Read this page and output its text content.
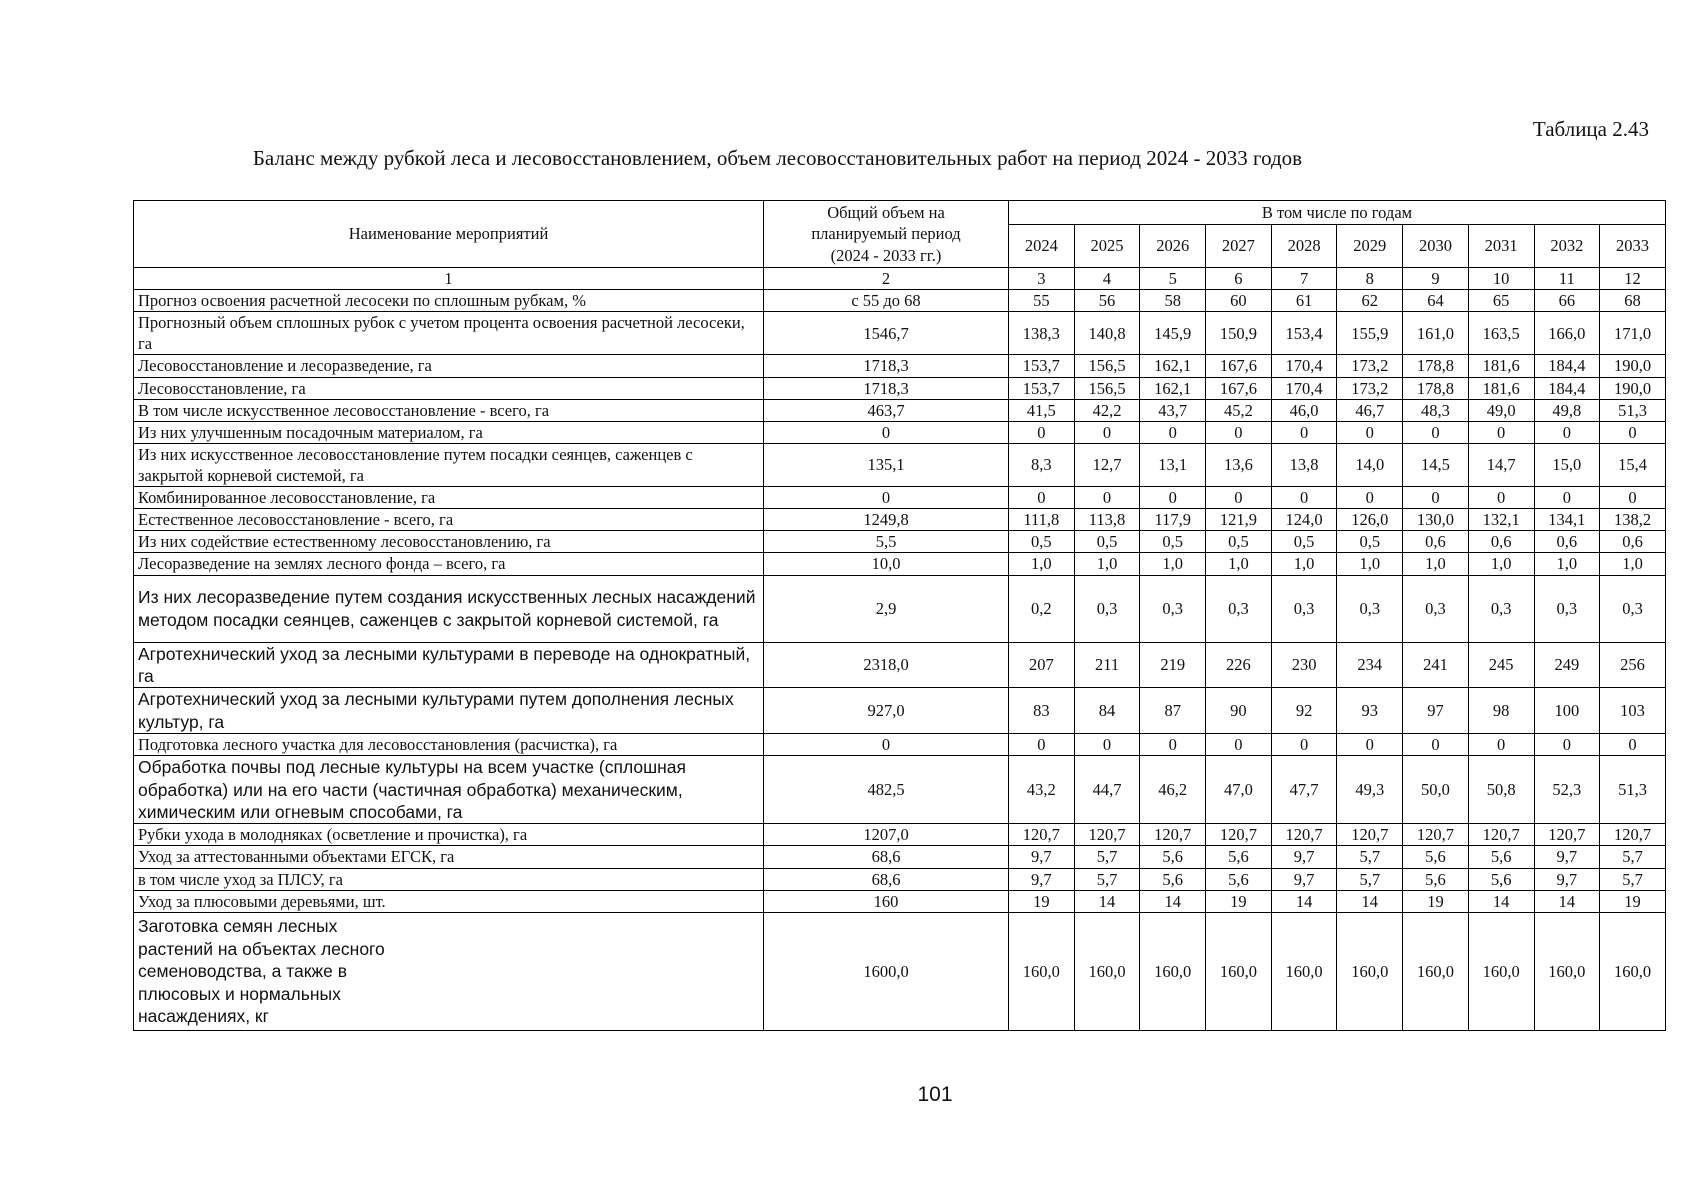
Таблица 2.43
Баланс между рубкой леса и лесовосстановлением, объем лесовосстановительных работ на период 2024 - 2033 годов
Наименование мероприятий	Общий объем на планируемый период (2024 - 2033 гг.)	В том числе по годам									
		2024	2025	2026	2027	2028	2029	2030	2031	2032	2033
1	2	3	4	5	6	7	8	9	10	11	12
Прогноз освоения расчетной лесосеки по сплошным рубкам, %	с 55 до 68	55	56	58	60	61	62	64	65	66	68
Прогнозный объем сплошных рубок с учетом процента освоения расчетной лесосеки, га	1546,7	138,3	140,8	145,9	150,9	153,4	155,9	161,0	163,5	166,0	171,0
Лесовосстановление и лесоразведение, га	1718,3	153,7	156,5	162,1	167,6	170,4	173,2	178,8	181,6	184,4	190,0
Лесовосстановление, га	1718,3	153,7	156,5	162,1	167,6	170,4	173,2	178,8	181,6	184,4	190,0
В том числе искусственное лесовосстановление - всего, га	463,7	41,5	42,2	43,7	45,2	46,0	46,7	48,3	49,0	49,8	51,3
Из них улучшенным посадочным материалом, га	0	0	0	0	0	0	0	0	0	0	0
Из них искусственное лесовосстановление путем посадки сеянцев, саженцев с закрытой корневой системой, га	135,1	8,3	12,7	13,1	13,6	13,8	14,0	14,5	14,7	15,0	15,4
Комбинированное лесовосстановление, га	0	0	0	0	0	0	0	0	0	0	0
Естественное лесовосстановление - всего, га	1249,8	111,8	113,8	117,9	121,9	124,0	126,0	130,0	132,1	134,1	138,2
Из них содействие естественному лесовосстановлению, га	5,5	0,5	0,5	0,5	0,5	0,5	0,5	0,6	0,6	0,6	0,6
Лесоразведение на землях лесного фонда – всего, га	10,0	1,0	1,0	1,0	1,0	1,0	1,0	1,0	1,0	1,0	1,0
Из них лесоразведение путем создания искусственных лесных насаждений методом посадки сеянцев, саженцев с закрытой корневой системой, га	2,9	0,2	0,3	0,3	0,3	0,3	0,3	0,3	0,3	0,3	0,3
Агротехнический уход за лесными культурами в переводе на однократный, га	2318,0	207	211	219	226	230	234	241	245	249	256
Агротехнический уход за лесными культурами путем дополнения лесных культур, га	927,0	83	84	87	90	92	93	97	98	100	103
Подготовка лесного участка для лесовосстановления (расчистка), га	0	0	0	0	0	0	0	0	0	0	0
Обработка почвы под лесные культуры на всем участке (сплошная обработка) или на его части (частичная обработка) механическим, химическим или огневым способами, га	482,5	43,2	44,7	46,2	47,0	47,7	49,3	50,0	50,8	52,3	51,3
Рубки ухода в молодняках (осветление и прочистка), га	1207,0	120,7	120,7	120,7	120,7	120,7	120,7	120,7	120,7	120,7	120,7
Уход за аттестованными объектами ЕГСК, га	68,6	9,7	5,7	5,6	5,6	9,7	5,7	5,6	5,6	9,7	5,7
в том числе уход за ПЛСУ, га	68,6	9,7	5,7	5,6	5,6	9,7	5,7	5,6	5,6	9,7	5,7
Уход за плюсовыми деревьями, шт.	160	19	14	14	19	14	14	19	14	14	19
Заготовка семян лесных
растений на объектах лесного
семеноводства, а также в
плюсовых и нормальных
насаждениях, кг	1600,0	160,0	160,0	160,0	160,0	160,0	160,0	160,0	160,0	160,0	160,0
101
